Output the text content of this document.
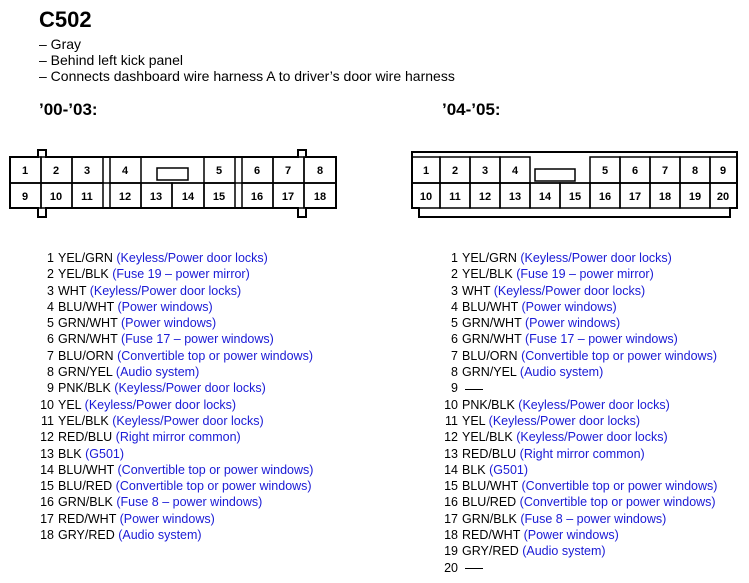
C502
– Gray
– Behind left kick panel
– Connects dashboard wire harness A to driver’s door wire harness
’00-’03:	’04-’05:
1 2 3	4	5	6 7 8
9 10 11 12 13 14 15 16 17 18
1 2 3 4	5 6 7 8 9
10 11 12 13 14 15 16 17 18 19 20
1 YEL/GRN (Keyless/Power door locks)
2 YEL/BLK (Fuse 19 – power mirror)
3 WHT (Keyless/Power door locks)
4 BLU/WHT (Power windows)
5 GRN/WHT (Power windows)
6 GRN/WHT (Fuse 17 – power windows)
7 BLU/ORN (Convertible top or power windows)
8 GRN/YEL (Audio system)
9 PNK/BLK (Keyless/Power door locks)
10 YEL (Keyless/Power door locks)
11 YEL/BLK (Keyless/Power door locks)
12 RED/BLU (Right mirror common)
13 BLK (G501)
14 BLU/WHT (Convertible top or power windows)
15 BLU/RED (Convertible top or power windows)
16 GRN/BLK (Fuse 8 – power windows)
17 RED/WHT (Power windows)
18 GRY/RED (Audio system)
1 YEL/GRN (Keyless/Power door locks)
2 YEL/BLK (Fuse 19 – power mirror)
3 WHT (Keyless/Power door locks)
4 BLU/WHT (Power windows)
5 GRN/WHT (Power windows)
6 GRN/WHT (Fuse 17 – power windows)
7 BLU/ORN (Convertible top or power windows)
8 GRN/YEL (Audio system)
9
10 PNK/BLK (Keyless/Power door locks)
11 YEL (Keyless/Power door locks)
12 YEL/BLK (Keyless/Power door locks)
13 RED/BLU (Right mirror common)
14 BLK (G501)
15 BLU/WHT (Convertible top or power windows)
16 BLU/RED (Convertible top or power windows)
17 GRN/BLK (Fuse 8 – power windows)
18 RED/WHT (Power windows)
19 GRY/RED (Audio system)
20
